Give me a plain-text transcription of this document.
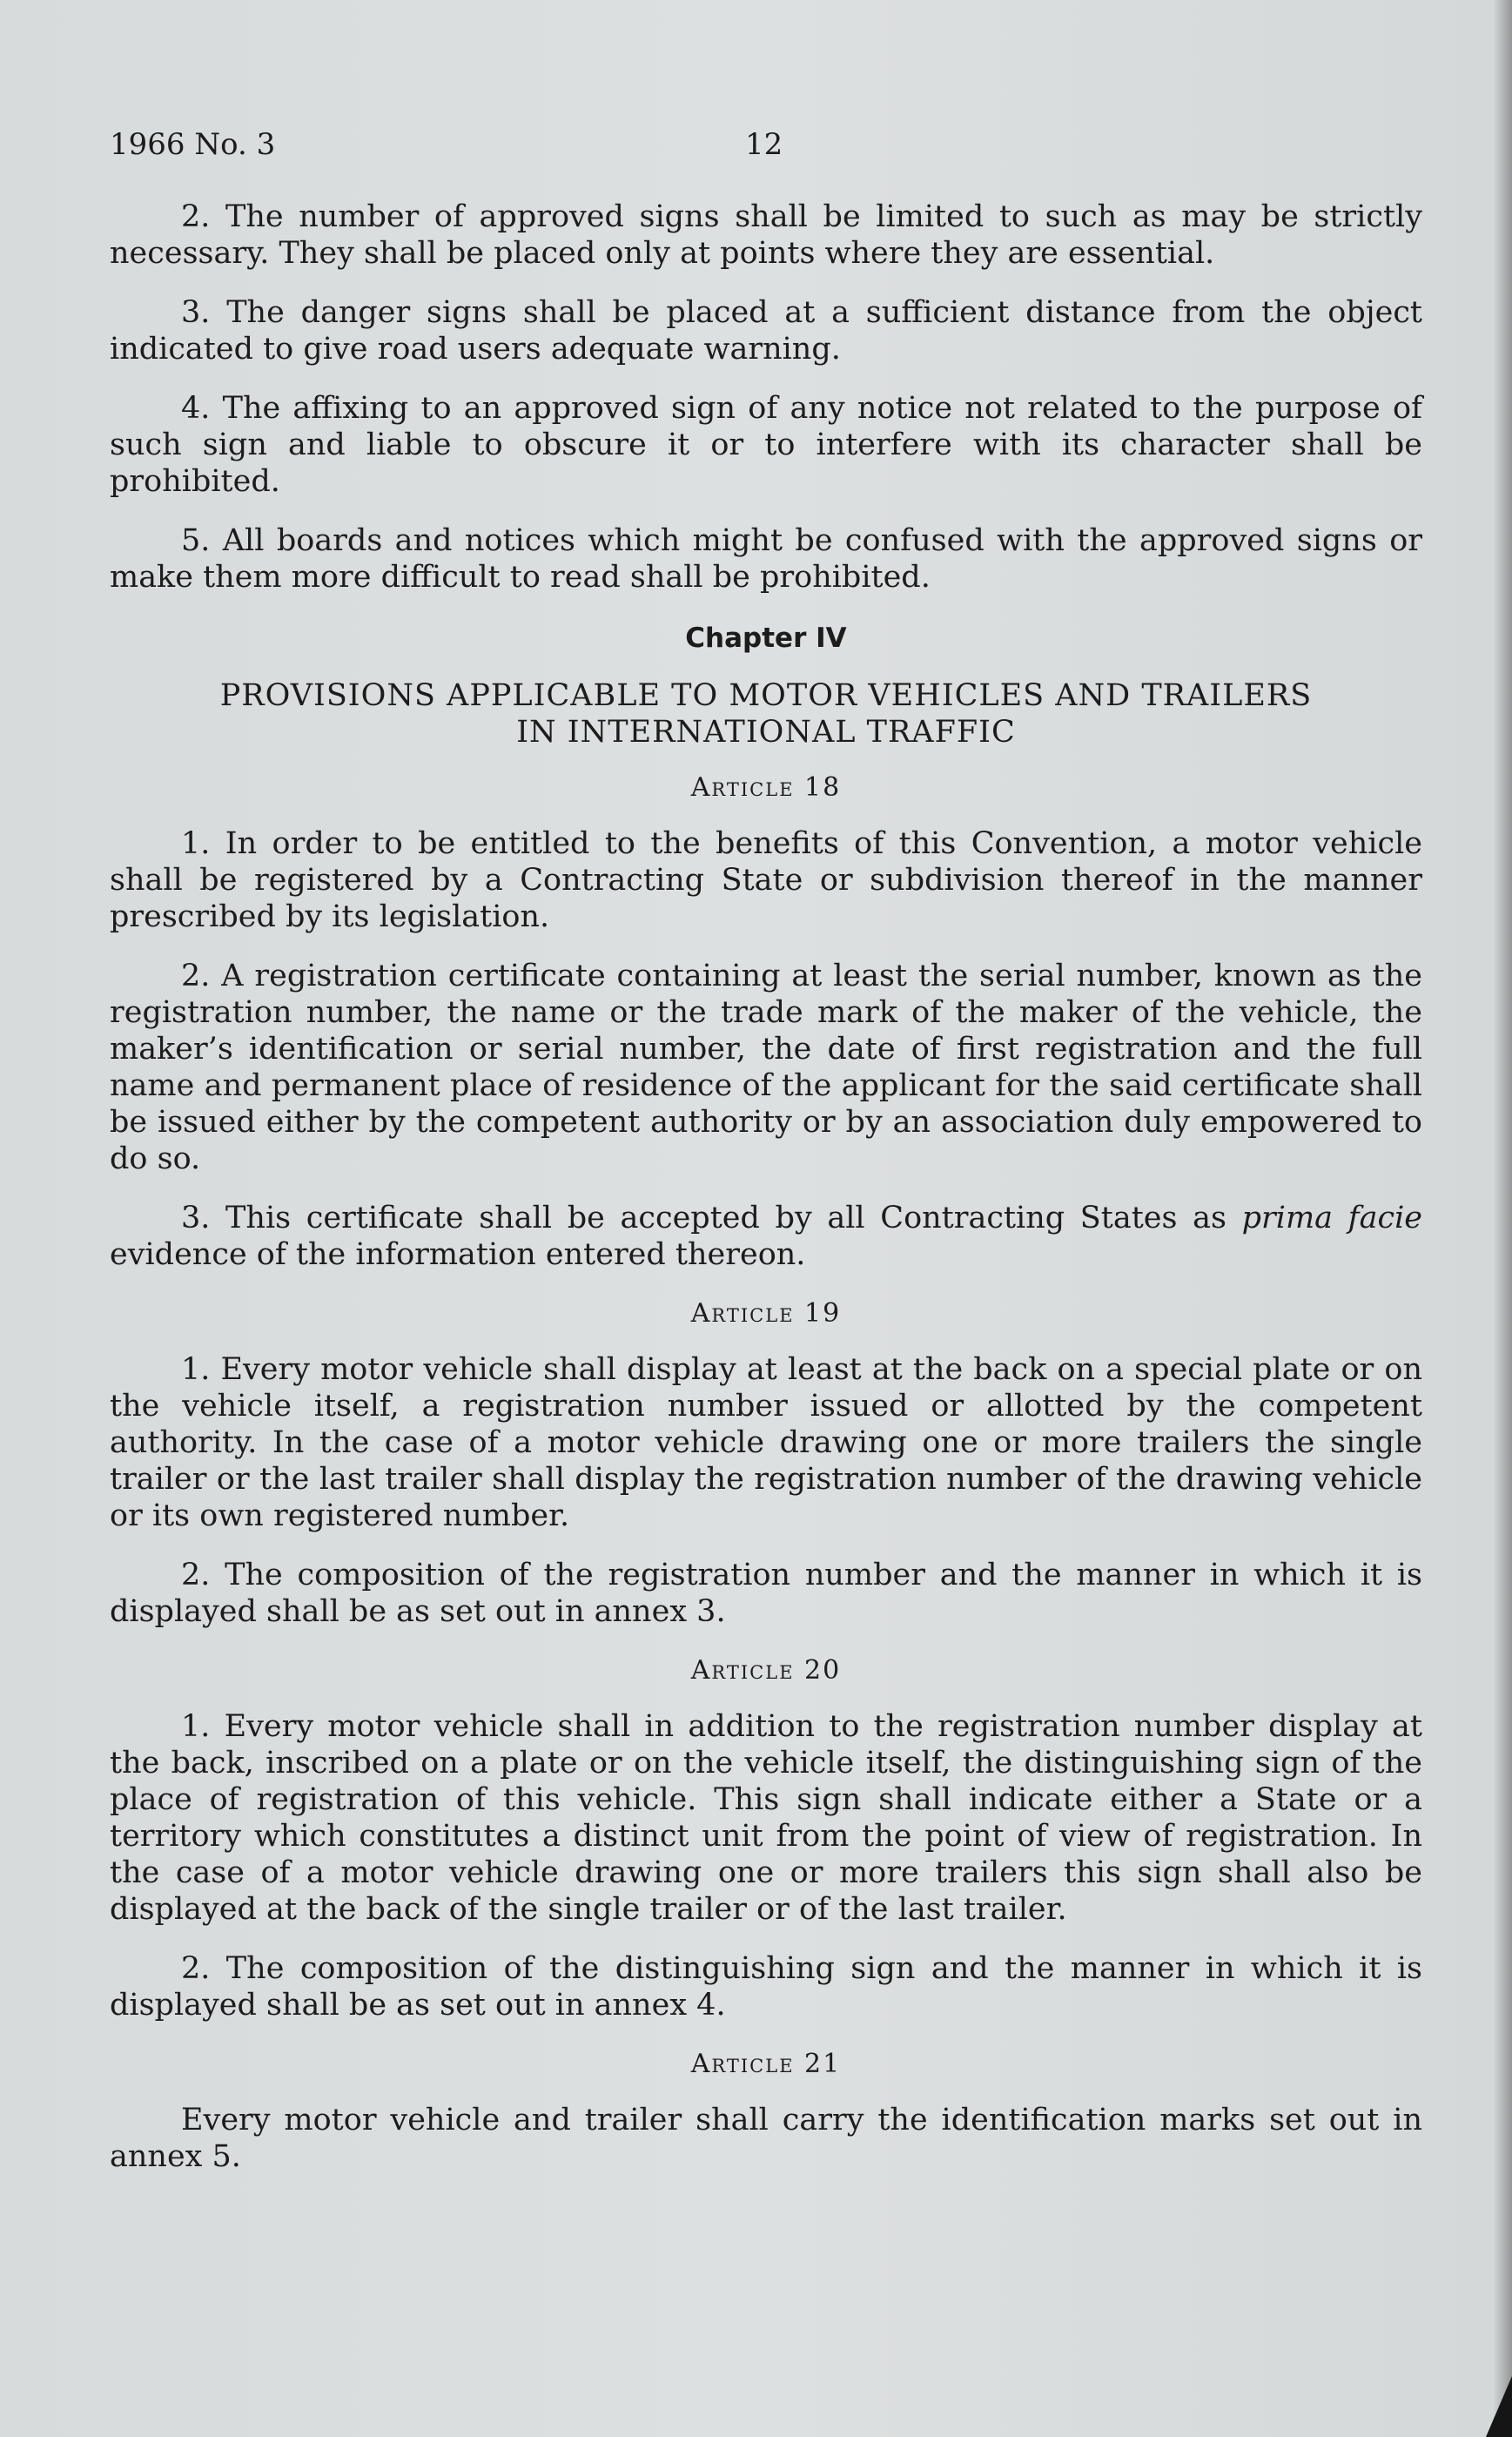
1966 No. 3	12

2. The number of approved signs shall be limited to such as may be strictly necessary. They shall be placed only at points where they are essential.

3. The danger signs shall be placed at a sufficient distance from the object indicated to give road users adequate warning.

4. The affixing to an approved sign of any notice not related to the purpose of such sign and liable to obscure it or to interfere with its character shall be prohibited.

5. All boards and notices which might be confused with the approved signs or make them more difficult to read shall be prohibited.

Chapter IV
PROVISIONS APPLICABLE TO MOTOR VEHICLES AND TRAILERS
IN INTERNATIONAL TRAFFIC
Article 18

1. In order to be entitled to the benefits of this Convention, a motor vehicle shall be registered by a Contracting State or subdivision thereof in the manner prescribed by its legislation.

2. A registration certificate containing at least the serial number, known as the registration number, the name or the trade mark of the maker of the vehicle, the maker’s identification or serial number, the date of first registration and the full name and permanent place of residence of the applicant for the said certificate shall be issued either by the competent authority or by an association duly empowered to do so.

3. This certificate shall be accepted by all Contracting States as prima facie evidence of the information entered thereon.

Article 19

1. Every motor vehicle shall display at least at the back on a special plate or on the vehicle itself, a registration number issued or allotted by the competent authority. In the case of a motor vehicle drawing one or more trailers the single trailer or the last trailer shall display the registration number of the drawing vehicle or its own registered number.

2. The composition of the registration number and the manner in which it is displayed shall be as set out in annex 3.

Article 20

1. Every motor vehicle shall in addition to the registration number display at the back, inscribed on a plate or on the vehicle itself, the distinguishing sign of the place of registration of this vehicle. This sign shall indicate either a State or a territory which constitutes a distinct unit from the point of view of registration. In the case of a motor vehicle drawing one or more trailers this sign shall also be displayed at the back of the single trailer or of the last trailer.

2. The composition of the distinguishing sign and the manner in which it is displayed shall be as set out in annex 4.

Article 21

Every motor vehicle and trailer shall carry the identification marks set out in annex 5.
